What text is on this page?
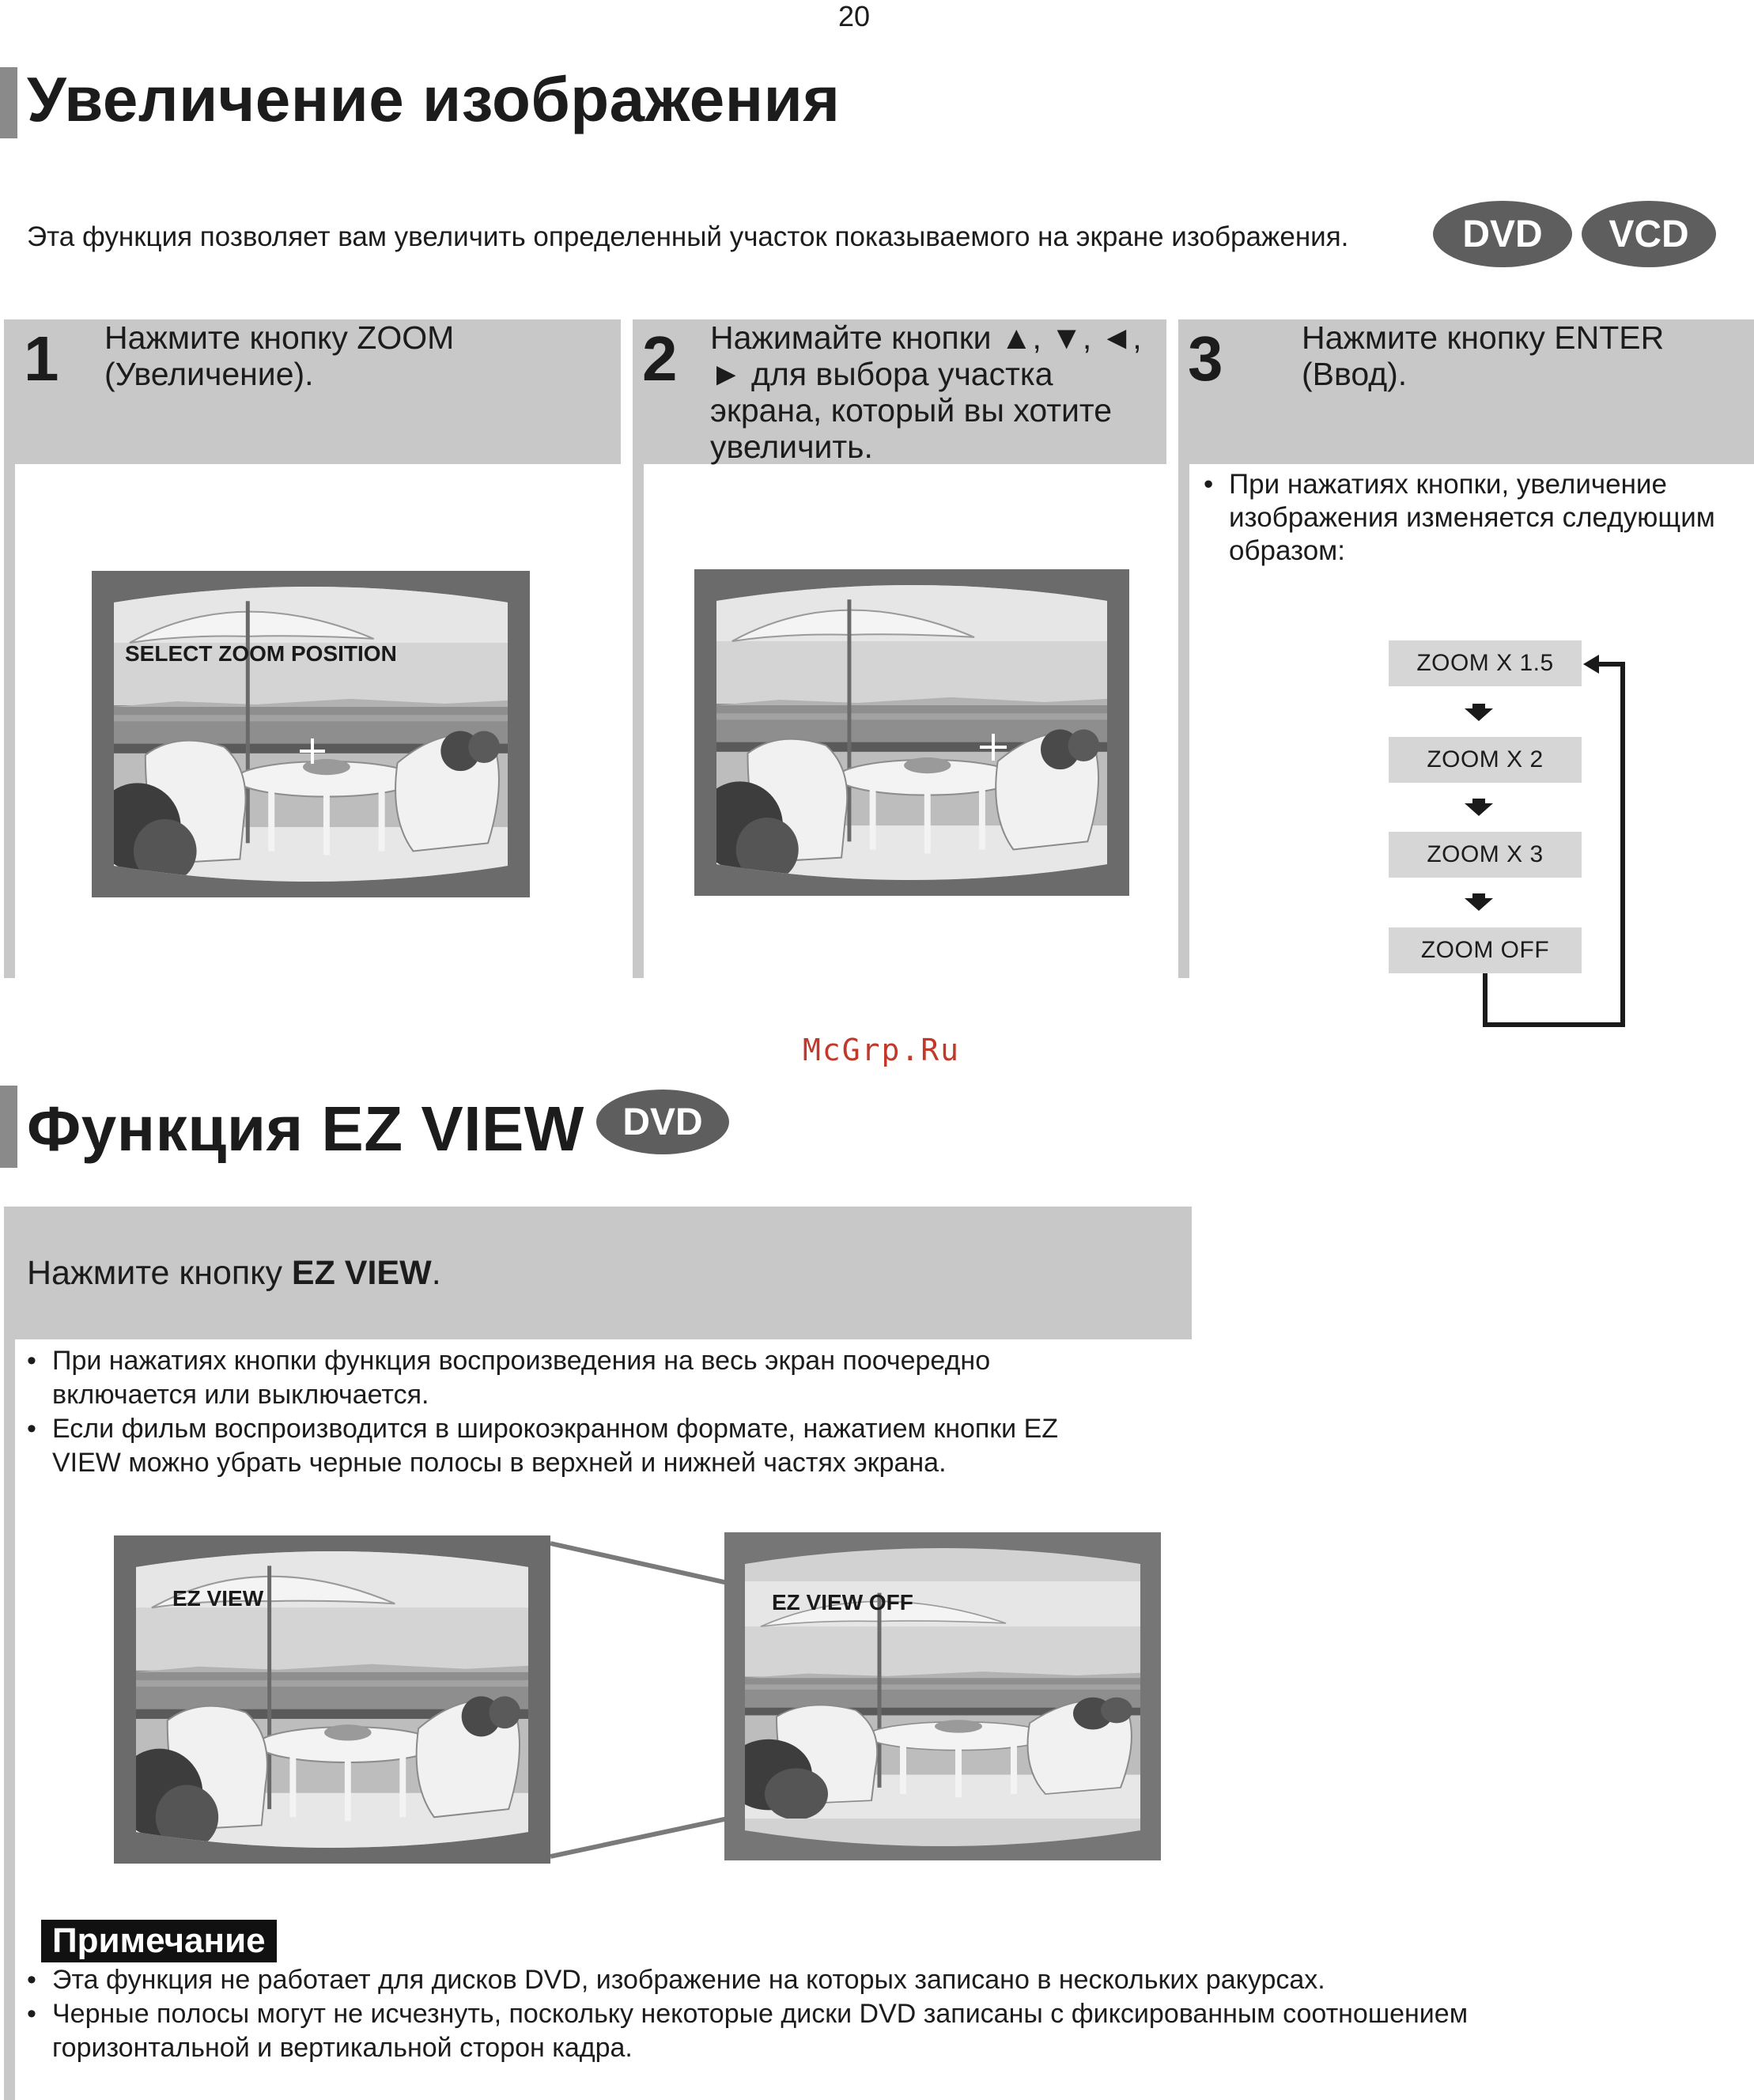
20
Увеличение изображения
Эта функция позволяет вам увеличить определенный участок показываемого на экране изображения.	DVD	VCD
1 Нажмите кнопку ZOOM
(Увеличение).
SELECT ZOOM POSITION
2 Нажимайте кнопки ▲, ▼, ◄,
► для выбора участка
экрана, который вы хотите
увеличить.
3 Нажмите кнопку ENTER
(Ввод).
• При нажатиях кнопки, увеличение
изображения изменяется следующим
образом:
ZOOM X 1.5
ZOOM X 2
ZOOM X 3
ZOOM OFF
McGrp.Ru
Функция EZ VIEW	DVD
Нажмите кнопку EZ VIEW.
• При нажатиях кнопки функция воспроизведения на весь экран поочередно
включается или выключается.
• Если фильм воспроизводится в широкоэкранном формате, нажатием кнопки EZ
VIEW можно убрать черные полосы в верхней и нижней частях экрана.
EZ VIEW	EZ VIEW OFF
Примечание
• Эта функция не работает для дисков DVD, изображение на которых записано в нескольких ракурсах.
• Черные полосы могут не исчезнуть, поскольку некоторые диски DVD записаны с фиксированным соотношением
горизонтальной и вертикальной сторон кадра.
